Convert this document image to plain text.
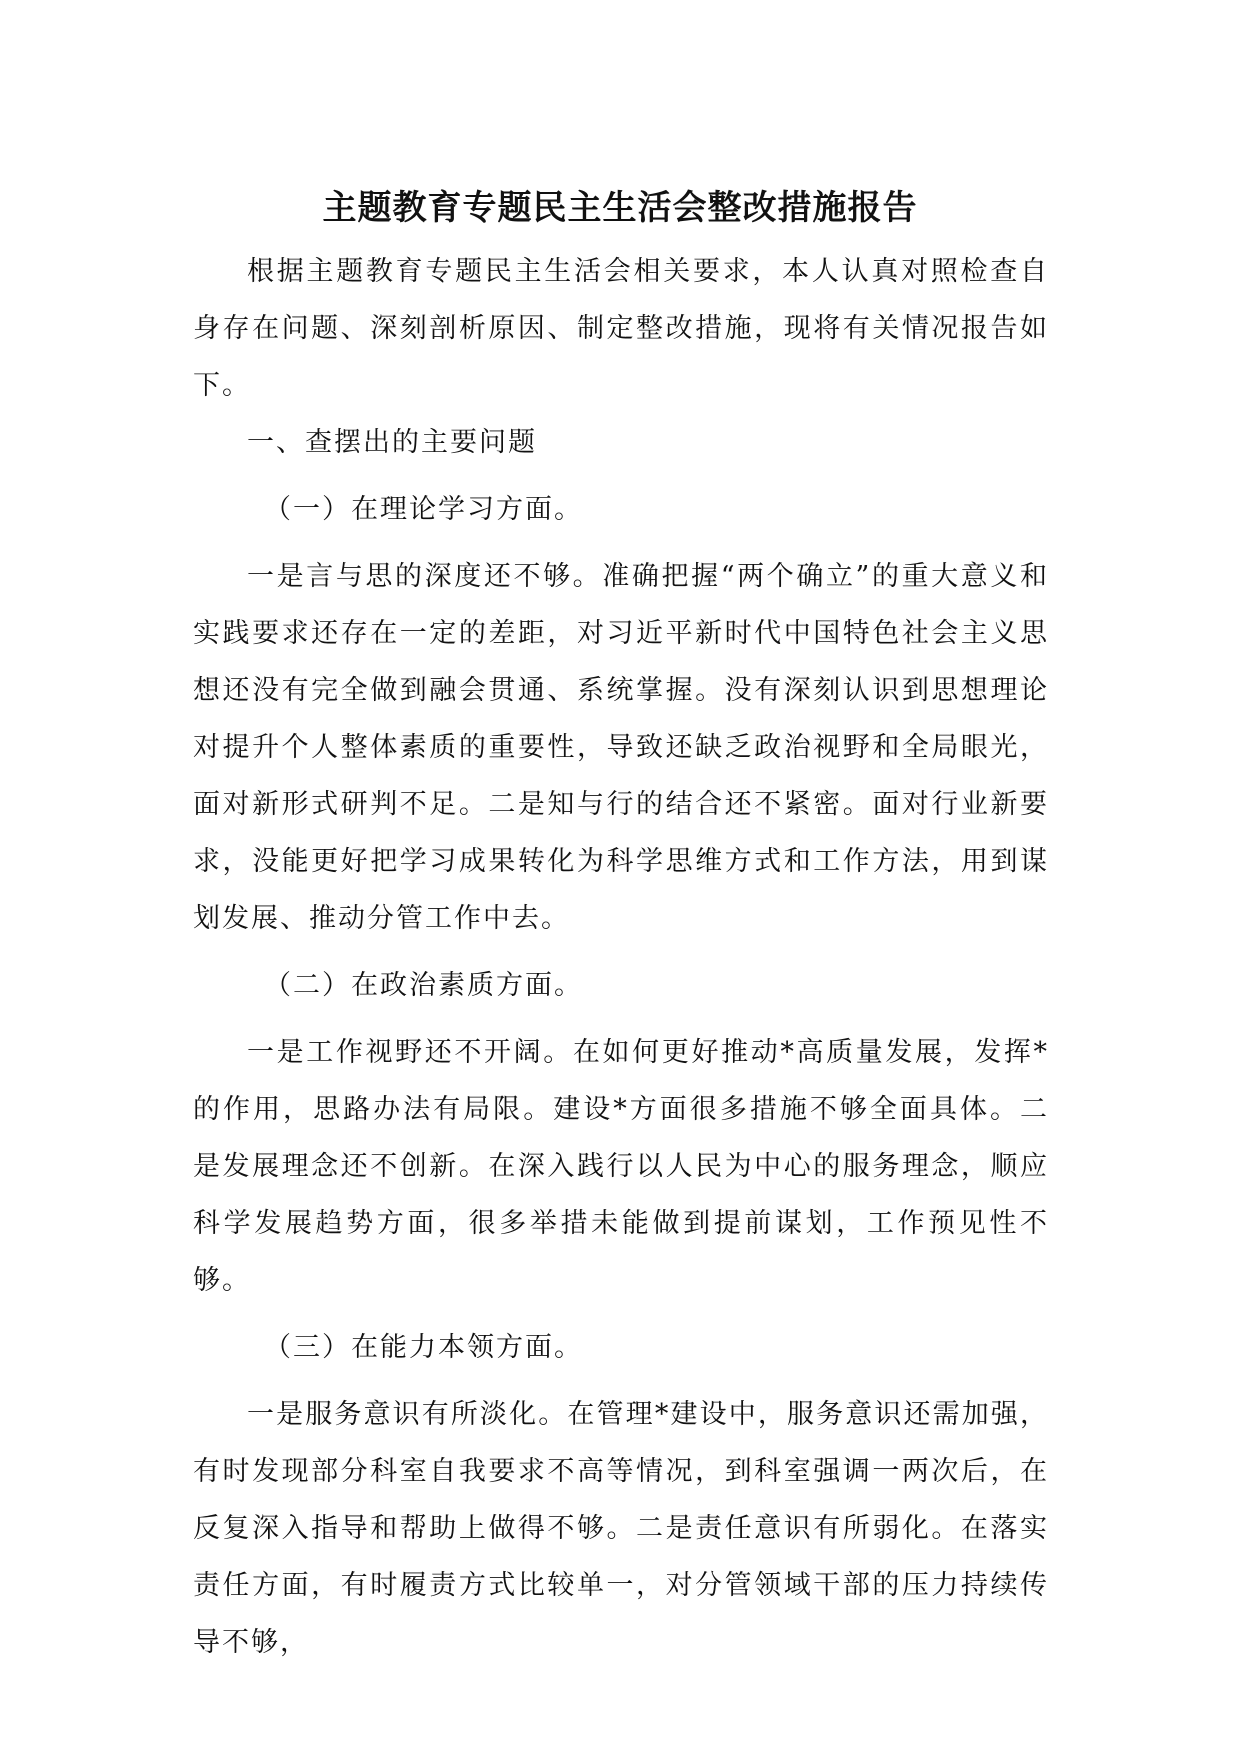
主题教育专题民主生活会整改措施报告

根据主题教育专题民主生活会相关要求，本人认真对照检查自身存在问题、深刻剖析原因、制定整改措施，现将有关情况报告如下。

一、查摆出的主要问题

（一）在理论学习方面。

一是言与思的深度还不够。准确把握“两个确立”的重大意义和实践要求还存在一定的差距，对习近平新时代中国特色社会主义思想还没有完全做到融会贯通、系统掌握。没有深刻认识到思想理论对提升个人整体素质的重要性，导致还缺乏政治视野和全局眼光，面对新形式研判不足。二是知与行的结合还不紧密。面对行业新要求，没能更好把学习成果转化为科学思维方式和工作方法，用到谋划发展、推动分管工作中去。

（二）在政治素质方面。

一是工作视野还不开阔。在如何更好推动*高质量发展，发挥*的作用，思路办法有局限。建设*方面很多措施不够全面具体。二是发展理念还不创新。在深入践行以人民为中心的服务理念，顺应科学发展趋势方面，很多举措未能做到提前谋划，工作预见性不够。

（三）在能力本领方面。

一是服务意识有所淡化。在管理*建设中，服务意识还需加强，有时发现部分科室自我要求不高等情况，到科室强调一两次后，在反复深入指导和帮助上做得不够。二是责任意识有所弱化。在落实责任方面，有时履责方式比较单一，对分管领域干部的压力持续传导不够，
